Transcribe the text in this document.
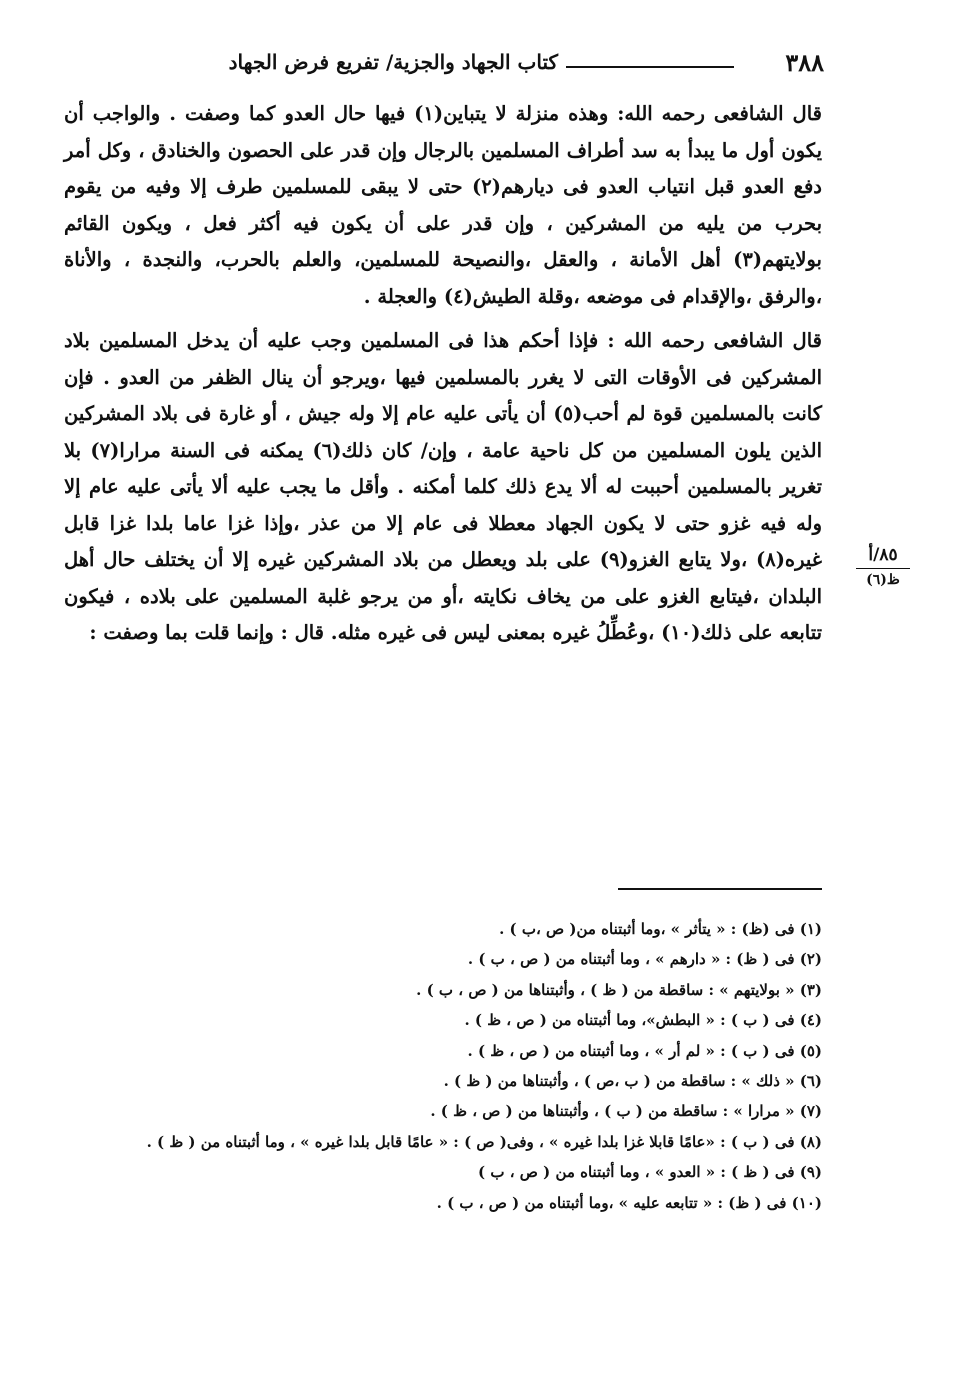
٣٨٨
كتاب الجهاد والجزية/ تفريع فرض الجهاد

قال الشافعى رحمه الله: وهذه منزلة لا يتباين(١) فيها حال العدو كما وصفت . والواجب أن يكون أول ما يبدأ به سد أطراف المسلمين بالرجال وإن قدر على الحصون والخنادق ، وكل أمر دفع العدو قبل انتياب العدو فى ديارهم(٢) حتى لا يبقى للمسلمين طرف إلا وفيه من يقوم بحرب من يليه من المشركين ، وإن قدر على أن يكون فيه أكثر فعل ، ويكون القائم بولايتهم(٣) أهل الأمانة ، والعقل ،والنصيحة للمسلمين، والعلم بالحرب، والنجدة ، والأناة ،والرفق ،والإقدام فى موضعه ،وقلة الطيش(٤) والعجلة .

قال الشافعى رحمه الله : فإذا أحكم هذا فى المسلمين وجب عليه أن يدخل المسلمين بلاد المشركين فى الأوقات التى لا يغرر بالمسلمين فيها ،ويرجو أن ينال الظفر من العدو . فإن كانت بالمسلمين قوة لم أحب(٥) أن يأتى عليه عام إلا وله جيش ، أو غارة فى بلاد المشركين الذين يلون المسلمين من كل ناحية عامة ، وإن/ كان ذلك(٦) يمكنه فى السنة مرارا(٧) بلا تغرير بالمسلمين أحببت له ألا يدع ذلك كلما أمكنه . وأقل ما يجب عليه ألا يأتى عليه عام إلا وله فيه غزو حتى لا يكون الجهاد معطلا فى عام إلا من عذر ،وإذا غزا عاما بلدا غزا قابل غيره(٨) ،ولا يتابع الغزو(٩) على بلد ويعطل من بلاد المشركين غيره إلا أن يختلف حال أهل البلدان ،فيتابع الغزو على من يخاف نكايته ،أو من يرجو غلبة المسلمين على بلاده ، فيكون تتابعه على ذلك(١٠) ،وعُطِّلُ غيره بمعنى ليس فى غيره مثله. قال : وإنما قلت بما وصفت :

٨٥/أ
ظ(٦)
(١) فى (ظ) : « يتأثر » ،وما أثبتناه من( ص ،ب ) .
(٢) فى ( ظ) : « دارهم » ، وما أثبتناه من ( ص ، ب ) .
(٣) « بولايتهم » : ساقطة من ( ظ ) ، وأثبتناها من ( ص ، ب ) .
(٤) فى ( ب ) : « البطش»، وما أثبتناه من ( ص ، ظ ) .
(٥) فى ( ب ) : « لم أر » ، وما أثبتناه من ( ص ، ظ ) .
(٦) « ذلك » : ساقطة من ( ب ،ص ) ، وأثبتناها من ( ظ ) .
(٧) « مرارا » : ساقطة من ( ب ) ، وأثبتناها من ( ص ، ظ ) .
(٨) فى ( ب ) : «عامًا قابلا غزا بلدا غيره » ، وفى( ص ) : « عامًا قابل بلدا غيره » ، وما أثبتناه من ( ظ ) .
(٩) فى ( ظ ) : « العدو » ، وما أثبتناه من ( ص ، ب )
(١٠) فى ( ظ) : « تتابعه عليه » ،وما أثبتناه من ( ص ، ب ) .
